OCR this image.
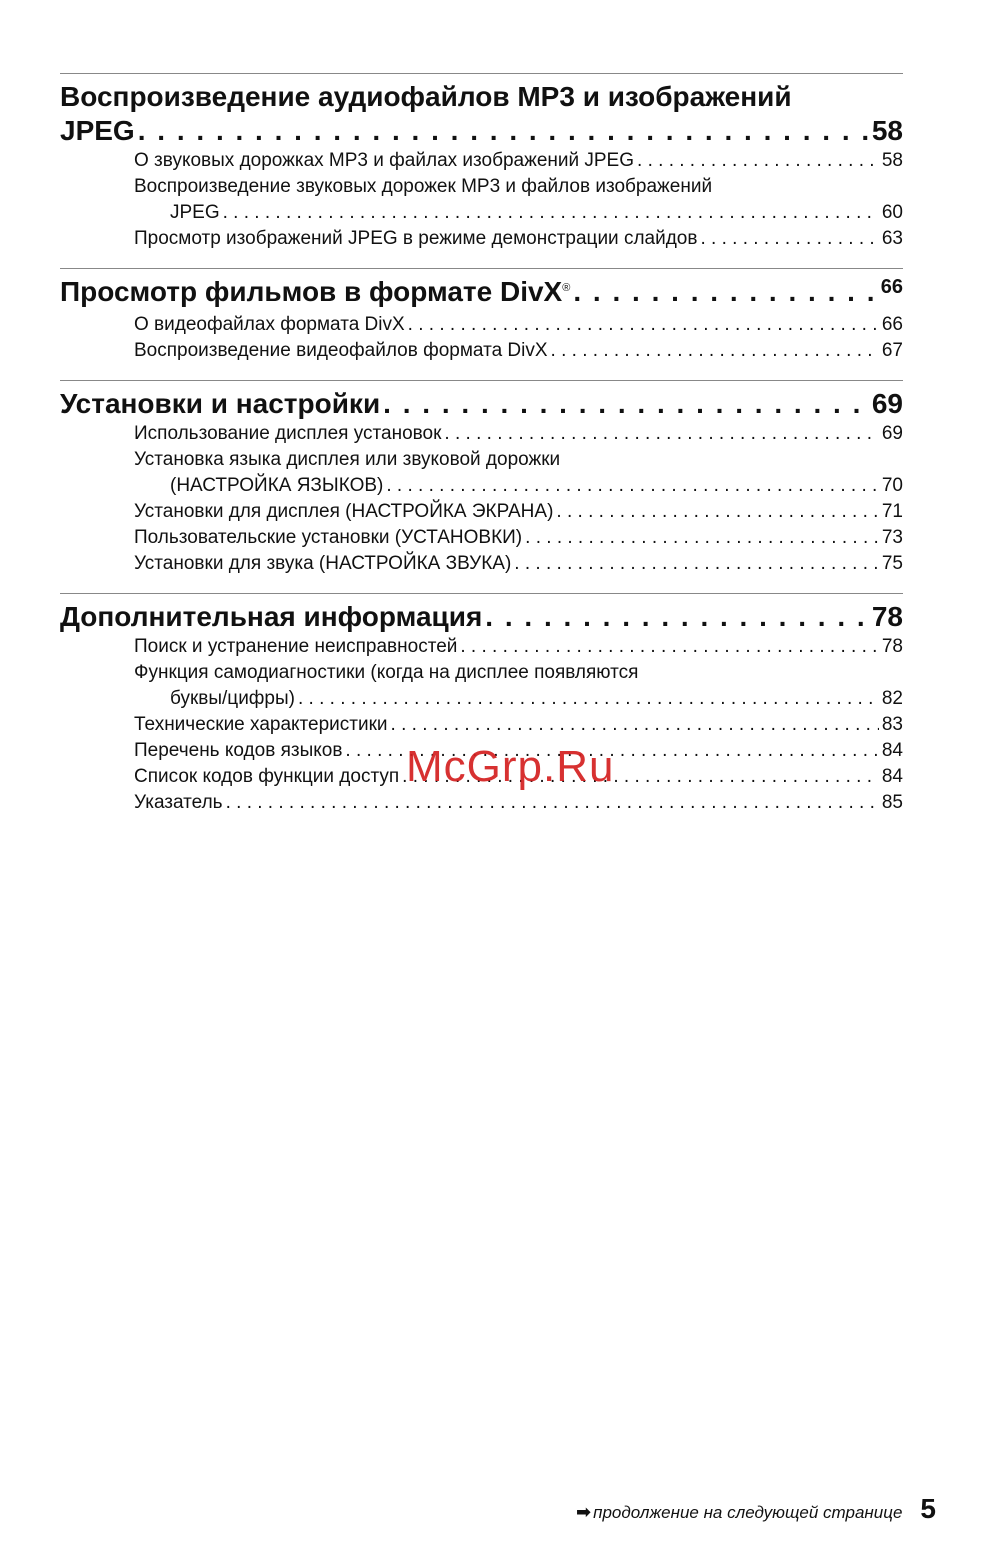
Воспроизведение аудиофайлов MP3 и изображений
JPEG . . .	58
О звуковых дорожках MP3 и файлах изображений JPEG . . .	58
Воспроизведение звуковых дорожек MP3 и файлов изображений
JPEG . . .	60
Просмотр изображений JPEG в режиме демонстрации слайдов . . .	63
Просмотр фильмов в формате DivX® . . .	66
О видеофайлах формата DivX . . .	66
Воспроизведение видеофайлов формата DivX . . .	67
Установки и настройки . . .	69
Использование дисплея установок . . .	69
Установка языка дисплея или звуковой дорожки
(НАСТРОЙКА ЯЗЫКОВ) . . .	70
Установки для дисплея (НАСТРОЙКА ЭКРАНА) . . .	71
Пользовательские установки (УСТАНОВКИ) . . .	73
Установки для звука (НАСТРОЙКА ЗВУКА) . . .	75
Дополнительная информация . . .	78
Поиск и устранение неисправностей . . .	78
Функция самодиагностики (когда на дисплее появляются
буквы/цифры) . . .	82
Технические характеристики . . .	83
Перечень кодов языков . . .	84
Список кодов функции доступ . . .	84
Указатель . . .	85
McGrp.Ru
➡ продолжение на следующей странице 5
